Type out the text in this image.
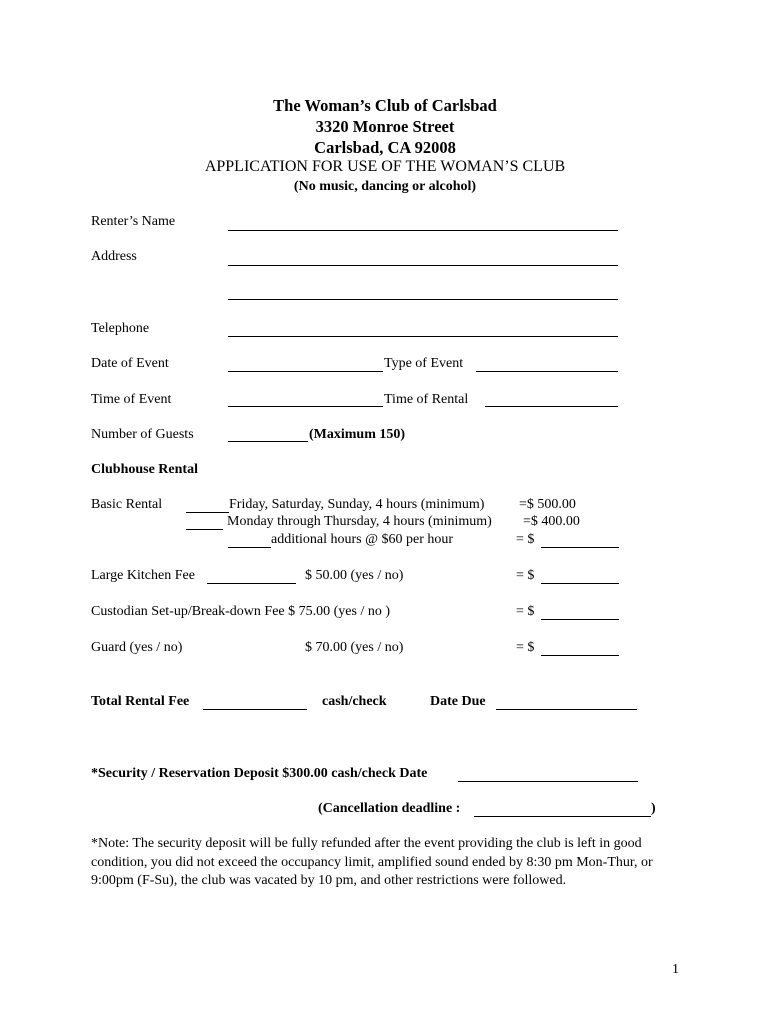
The Woman’s Club of Carlsbad
3320 Monroe Street
Carlsbad, CA 92008
APPLICATION FOR USE OF THE WOMAN’S CLUB
(No music, dancing or alcohol)
Renter’s Name
Address
Telephone
Date of Event	Type of Event
Time of Event	Time of Rental
Number of Guests	(Maximum 150)
Clubhouse Rental
Basic Rental	Friday, Saturday, Sunday, 4 hours (minimum) =$ 500.00
Monday through Thursday, 4 hours (minimum) =$ 400.00
additional hours @ $60 per hour	= $
Large Kitchen Fee	$ 50.00 (yes / no)	= $
Custodian Set-up/Break-down Fee $ 75.00 (yes / no )	= $
Guard (yes / no)	$ 70.00 (yes / no)	= $
Total Rental Fee	cash/check	Date Due
*Security / Reservation Deposit $300.00 cash/check Date
(Cancellation deadline :	)
*Note: The security deposit will be fully refunded after the event providing the club is left in good condition, you did not exceed the occupancy limit, amplified sound ended by 8:30 pm Mon-Thur, or 9:00pm (F-Su), the club was vacated by 10 pm, and other restrictions were followed.
1
